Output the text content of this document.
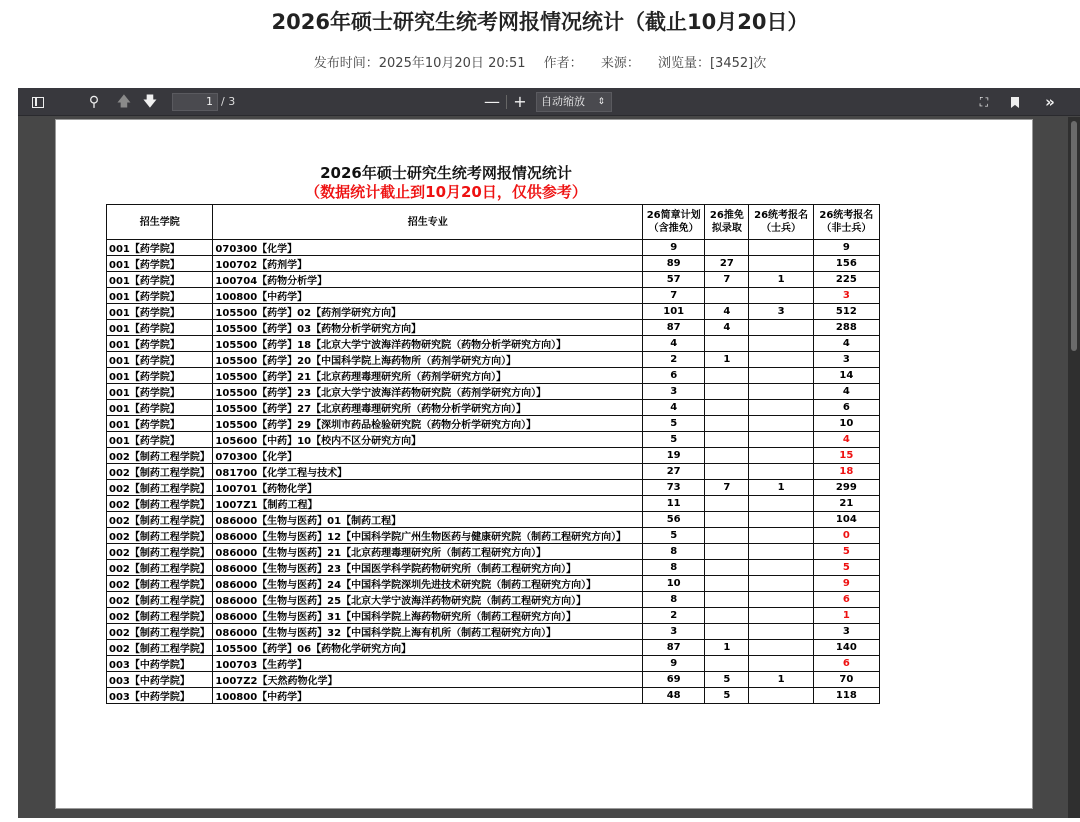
2026年硕士研究生统考网报情况统计（截止10月20日）
发布时间：2025年10月20日 20:51 作者： 来源： 浏览量：[3452]次
⚲ 🡅 🡇	1 / 3	— +	自动缩放 ⇕	⛶	»
2026年硕士研究生统考网报情况统计
（数据统计截止到10月20日，仅供参考）
招生学院	招生专业	26简章计划（含推免）	26推免拟录取	26统考报名（士兵）	26统考报名（非士兵）
001【药学院】	070300【化学】	9			9
001【药学院】	100702【药剂学】	89	27		156
001【药学院】	100704【药物分析学】	57	7	1	225
001【药学院】	100800【中药学】	7			3
001【药学院】	105500【药学】02【药剂学研究方向】	101	4	3	512
001【药学院】	105500【药学】03【药物分析学研究方向】	87	4		288
001【药学院】	105500【药学】18【北京大学宁波海洋药物研究院（药物分析学研究方向）】	4			4
001【药学院】	105500【药学】20【中国科学院上海药物所（药剂学研究方向）】	2	1		3
001【药学院】	105500【药学】21【北京药理毒理研究所（药剂学研究方向）】	6			14
001【药学院】	105500【药学】23【北京大学宁波海洋药物研究院（药剂学研究方向）】	3			4
001【药学院】	105500【药学】27【北京药理毒理研究所（药物分析学研究方向）】	4			6
001【药学院】	105500【药学】29【深圳市药品检验研究院（药物分析学研究方向）】	5			10
001【药学院】	105600【中药】10【校内不区分研究方向】	5			4
002【制药工程学院】	070300【化学】	19			15
002【制药工程学院】	081700【化学工程与技术】	27			18
002【制药工程学院】	100701【药物化学】	73	7	1	299
002【制药工程学院】	1007Z1【制药工程】	11			21
002【制药工程学院】	086000【生物与医药】01【制药工程】	56			104
002【制药工程学院】	086000【生物与医药】12【中国科学院广州生物医药与健康研究院（制药工程研究方向）】	5			0
002【制药工程学院】	086000【生物与医药】21【北京药理毒理研究所（制药工程研究方向）】	8			5
002【制药工程学院】	086000【生物与医药】23【中国医学科学院药物研究所（制药工程研究方向）】	8			5
002【制药工程学院】	086000【生物与医药】24【中国科学院深圳先进技术研究院（制药工程研究方向）】	10			9
002【制药工程学院】	086000【生物与医药】25【北京大学宁波海洋药物研究院（制药工程研究方向）】	8			6
002【制药工程学院】	086000【生物与医药】31【中国科学院上海药物研究所（制药工程研究方向）】	2			1
002【制药工程学院】	086000【生物与医药】32【中国科学院上海有机所（制药工程研究方向）】	3			3
002【制药工程学院】	105500【药学】06【药物化学研究方向】	87	1		140
003【中药学院】	100703【生药学】	9			6
003【中药学院】	1007Z2【天然药物化学】	69	5	1	70
003【中药学院】	100800【中药学】	48	5		118
